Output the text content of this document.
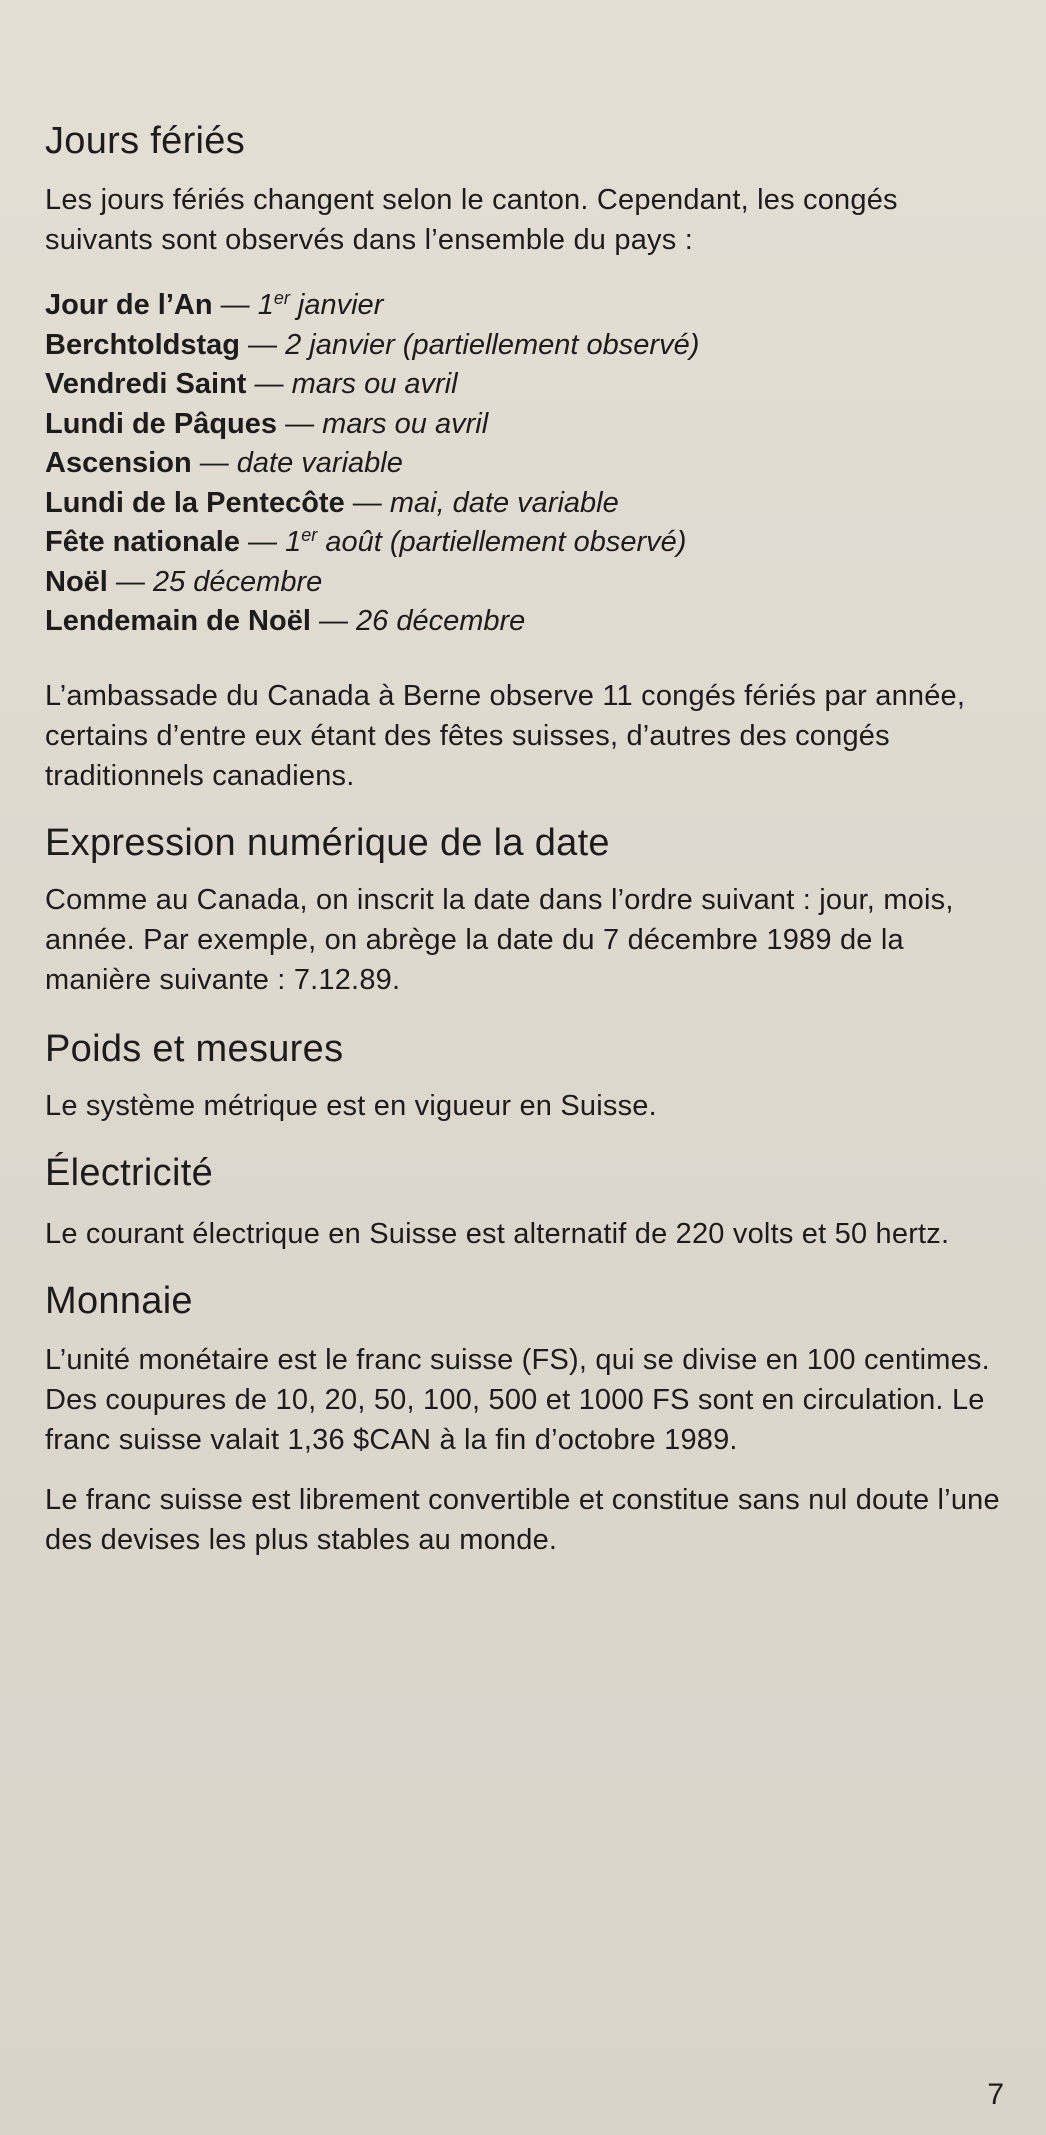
Jours fériés

Les jours fériés changent selon le canton. Cependant, les congés suivants sont observés dans l’ensemble du pays :

Jour de l’An — 1er janvier
Berchtoldstag — 2 janvier (partiellement observé)
Vendredi Saint — mars ou avril
Lundi de Pâques — mars ou avril
Ascension — date variable
Lundi de la Pentecôte — mai, date variable
Fête nationale — 1er août (partiellement observé)
Noël — 25 décembre
Lendemain de Noël — 26 décembre

L’ambassade du Canada à Berne observe 11 congés fériés par année, certains d’entre eux étant des fêtes suisses, d’autres des congés traditionnels canadiens.

Expression numérique de la date

Comme au Canada, on inscrit la date dans l’ordre suivant : jour, mois, année. Par exemple, on abrège la date du 7 décembre 1989 de la manière suivante : 7.12.89.

Poids et mesures

Le système métrique est en vigueur en Suisse.

Électricité

Le courant électrique en Suisse est alternatif de 220 volts et 50 hertz.

Monnaie

L’unité monétaire est le franc suisse (FS), qui se divise en 100 centimes. Des coupures de 10, 20, 50, 100, 500 et 1000 FS sont en circulation. Le franc suisse valait 1,36 $CAN à la fin d’octobre 1989.

Le franc suisse est librement convertible et constitue sans nul doute l’une des devises les plus stables au monde.

7
